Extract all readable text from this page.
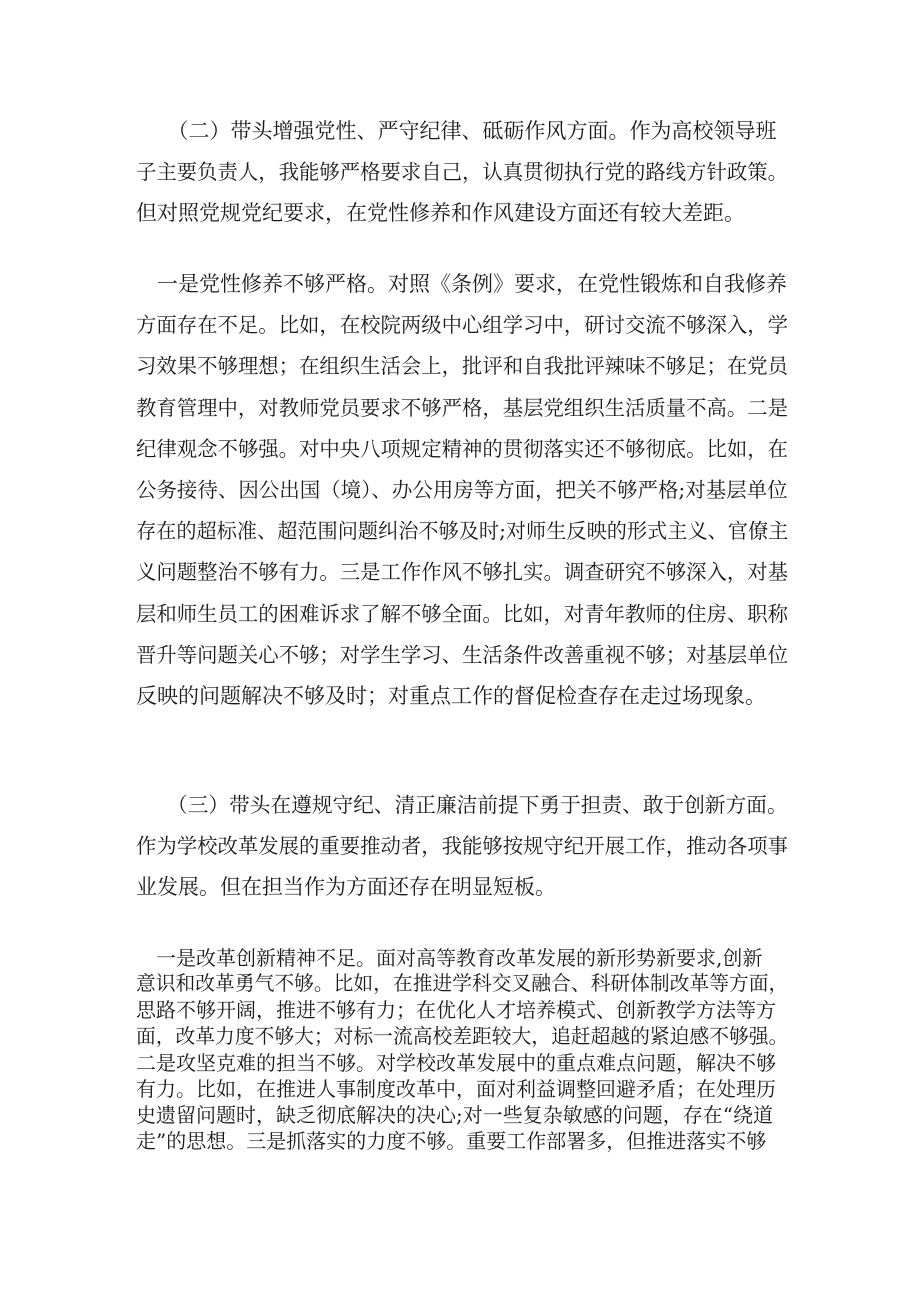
　　（二）带头增强党性、严守纪律、砥砺作风方面。作为高校领导班
子主要负责人，我能够严格要求自己，认真贯彻执行党的路线方针政策。
但对照党规党纪要求，在党性修养和作风建设方面还有较大差距。
　一是党性修养不够严格。对照《条例》要求，在党性锻炼和自我修养
方面存在不足。比如，在校院两级中心组学习中，研讨交流不够深入，学
习效果不够理想；在组织生活会上，批评和自我批评辣味不够足；在党员
教育管理中，对教师党员要求不够严格，基层党组织生活质量不高。二是
纪律观念不够强。对中央八项规定精神的贯彻落实还不够彻底。比如，在
公务接待、因公出国（境）、办公用房等方面，把关不够严格;对基层单位
存在的超标准、超范围问题纠治不够及时;对师生反映的形式主义、官僚主
义问题整治不够有力。三是工作作风不够扎实。调查研究不够深入，对基
层和师生员工的困难诉求了解不够全面。比如，对青年教师的住房、职称
晋升等问题关心不够；对学生学习、生活条件改善重视不够；对基层单位
反映的问题解决不够及时；对重点工作的督促检查存在走过场现象。
　　（三）带头在遵规守纪、清正廉洁前提下勇于担责、敢于创新方面。
作为学校改革发展的重要推动者，我能够按规守纪开展工作，推动各项事
业发展。但在担当作为方面还存在明显短板。
　一是改革创新精神不足。面对高等教育改革发展的新形势新要求,创新
意识和改革勇气不够。比如，在推进学科交叉融合、科研体制改革等方面，
思路不够开阔，推进不够有力；在优化人才培养模式、创新教学方法等方
面，改革力度不够大；对标一流高校差距较大，追赶超越的紧迫感不够强。
二是攻坚克难的担当不够。对学校改革发展中的重点难点问题，解决不够
有力。比如，在推进人事制度改革中，面对利益调整回避矛盾；在处理历
史遗留问题时，缺乏彻底解决的决心;对一些复杂敏感的问题，存在“绕道
走”的思想。三是抓落实的力度不够。重要工作部署多，但推进落实不够
